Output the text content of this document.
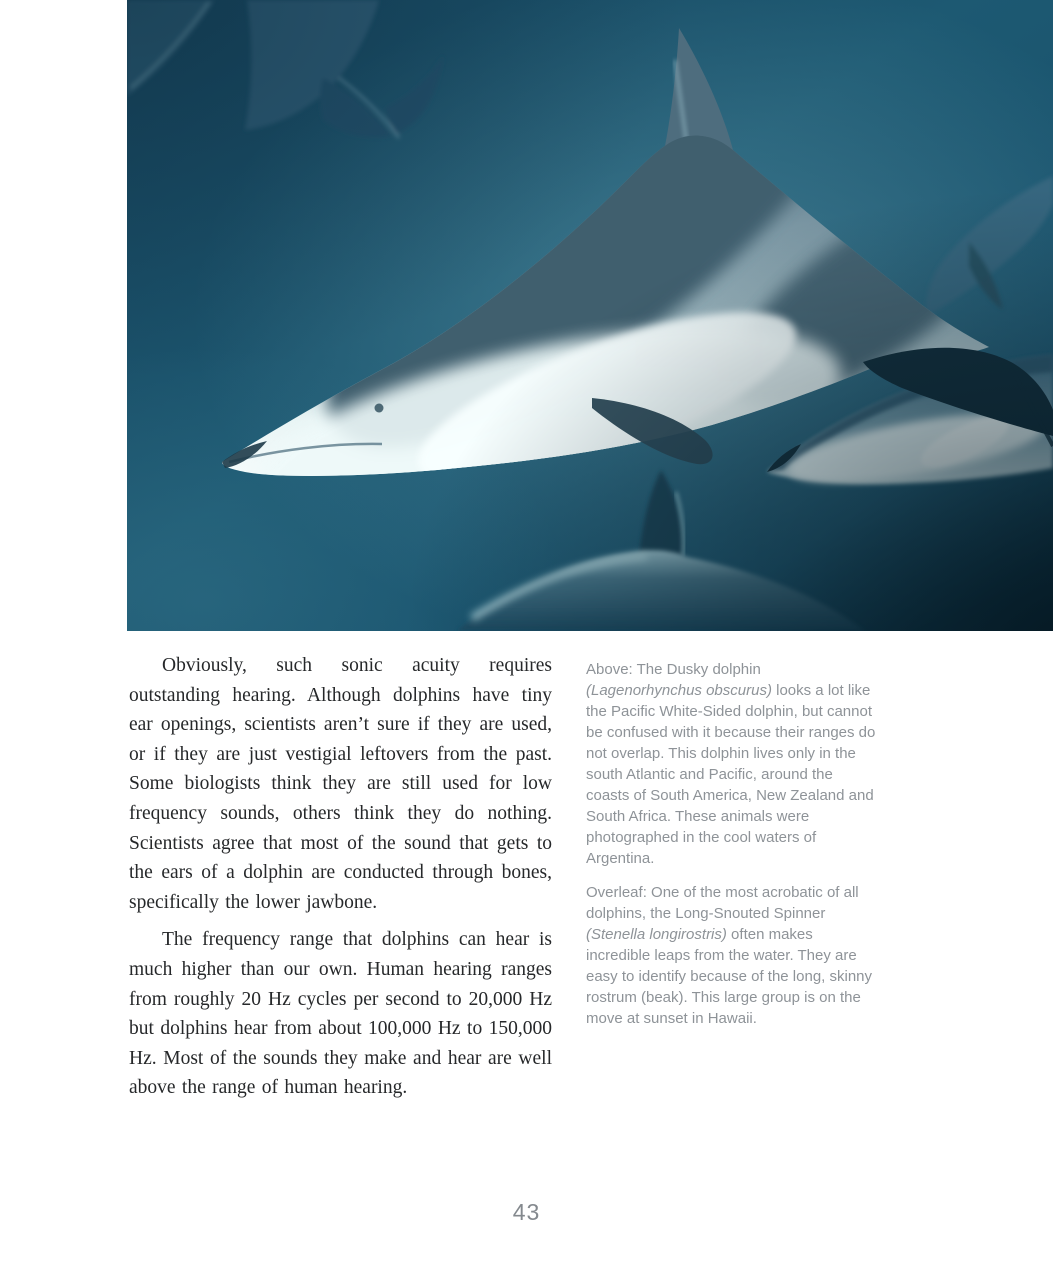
Obviously, such sonic acuity requires outstanding hearing. Although dolphins have tiny ear openings, scientists aren’t sure if they are used, or if they are just vestigial leftovers from the past. Some biologists think they are still used for low frequency sounds, others think they do nothing. Scientists agree that most of the sound that gets to the ears of a dolphin are conducted through bones, specifically the lower jawbone.

The frequency range that dolphins can hear is much higher than our own. Human hearing ranges from roughly 20 Hz cycles per second to 20,000 Hz but dolphins hear from about 100,000 Hz to 150,000 Hz. Most of the sounds they make and hear are well above the range of human hearing.

Above: The Dusky dolphin (Lagenorhynchus obscurus) looks a lot like the Pacific White-Sided dolphin, but cannot be confused with it because their ranges do not overlap. This dolphin lives only in the south Atlantic and Pacific, around the coasts of South America, New Zealand and South Africa. These animals were photographed in the cool waters of Argentina.

Overleaf: One of the most acrobatic of all dolphins, the Long-Snouted Spinner (Stenella longirostris) often makes incredible leaps from the water. They are easy to identify because of the long, skinny rostrum (beak). This large group is on the move at sunset in Hawaii.

43
